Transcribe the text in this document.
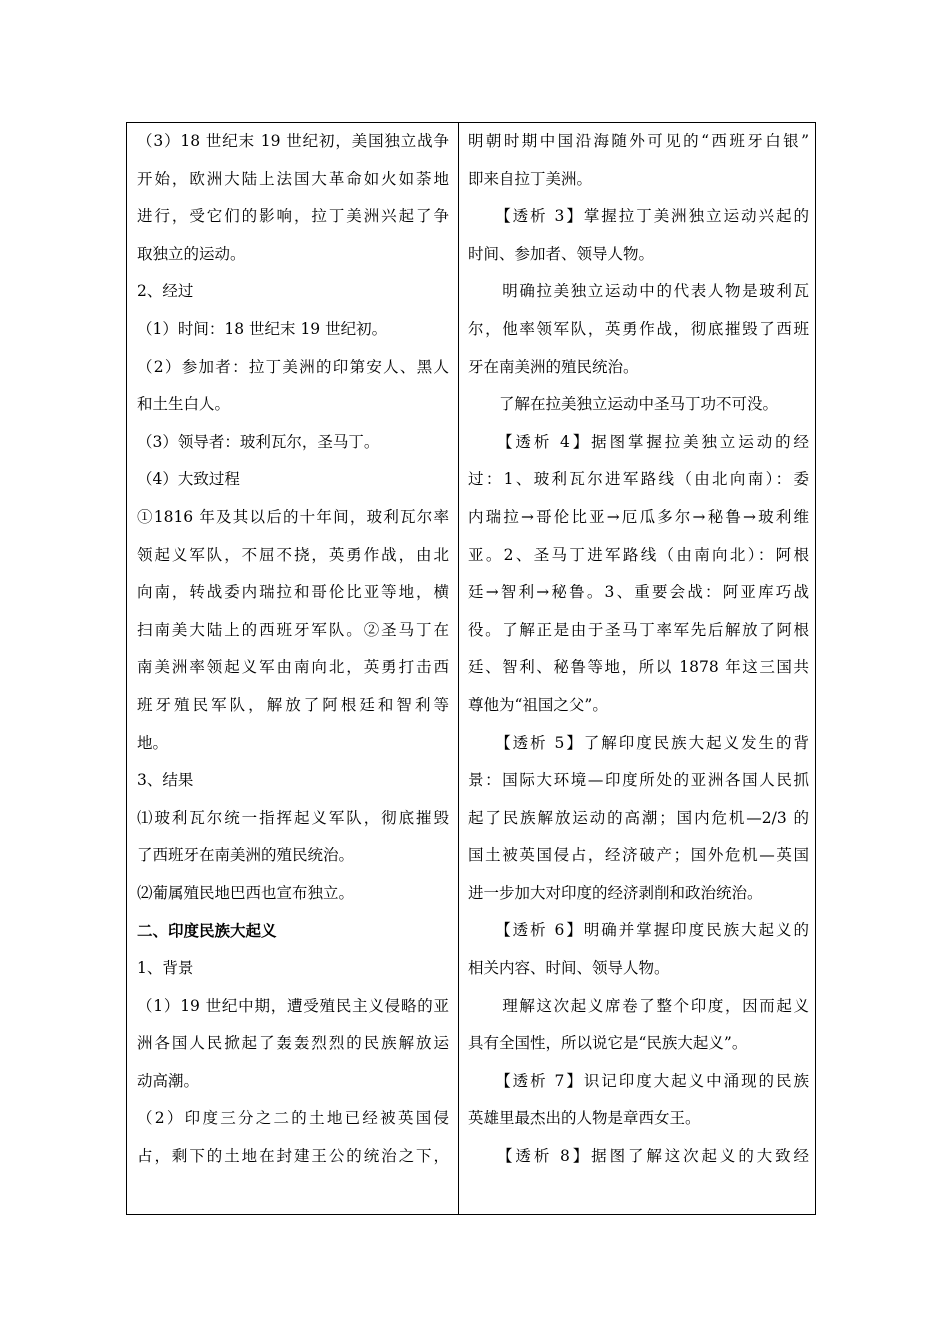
（3）18 世纪末 19 世纪初，美国独立战争
开始，欧洲大陆上法国大革命如火如荼地
进行，受它们的影响，拉丁美洲兴起了争
取独立的运动。
2、经过
（1）时间：18 世纪末 19 世纪初。
（2）参加者：拉丁美洲的印第安人、黑人
和土生白人。
（3）领导者：玻利瓦尔，圣马丁。
（4）大致过程
①1816 年及其以后的十年间，玻利瓦尔率
领起义军队，不屈不挠，英勇作战，由北
向南，转战委内瑞拉和哥伦比亚等地，横
扫南美大陆上的西班牙军队。②圣马丁在
南美洲率领起义军由南向北，英勇打击西
班牙殖民军队，解放了阿根廷和智利等
地。
3、结果
⑴玻利瓦尔统一指挥起义军队，彻底摧毁
了西班牙在南美洲的殖民统治。
⑵葡属殖民地巴西也宣布独立。
二、印度民族大起义
1、背景
（1）19 世纪中期，遭受殖民主义侵略的亚
洲各国人民掀起了轰轰烈烈的民族解放运
动高潮。
（2）印度三分之二的土地已经被英国侵
占，剩下的土地在封建王公的统治之下，
明朝时期中国沿海随外可见的“西班牙白银”
即来自拉丁美洲。
　　【透析 3】掌握拉丁美洲独立运动兴起的
时间、参加者、领导人物。
　　明确拉美独立运动中的代表人物是玻利瓦
尔，他率领军队，英勇作战，彻底摧毁了西班
牙在南美洲的殖民统治。
　　了解在拉美独立运动中圣马丁功不可没。
　　【透析 4】据图掌握拉美独立运动的经
过：1、玻利瓦尔进军路线（由北向南）：委
内瑞拉→哥伦比亚→厄瓜多尔→秘鲁→玻利维
亚。2、圣马丁进军路线（由南向北）：阿根
廷→智利→秘鲁。3、重要会战：阿亚库巧战
役。了解正是由于圣马丁率军先后解放了阿根
廷、智利、秘鲁等地，所以 1878 年这三国共
尊他为“祖国之父”。
　　【透析 5】了解印度民族大起义发生的背
景：国际大环境—印度所处的亚洲各国人民抓
起了民族解放运动的高潮；国内危机—2/3 的
国土被英国侵占，经济破产；国外危机—英国
进一步加大对印度的经济剥削和政治统治。
　　【透析 6】明确并掌握印度民族大起义的
相关内容、时间、领导人物。
　　理解这次起义席卷了整个印度，因而起义
具有全国性，所以说它是“民族大起义”。
　　【透析 7】识记印度大起义中涌现的民族
英雄里最杰出的人物是章西女王。
　　【透析 8】据图了解这次起义的大致经
